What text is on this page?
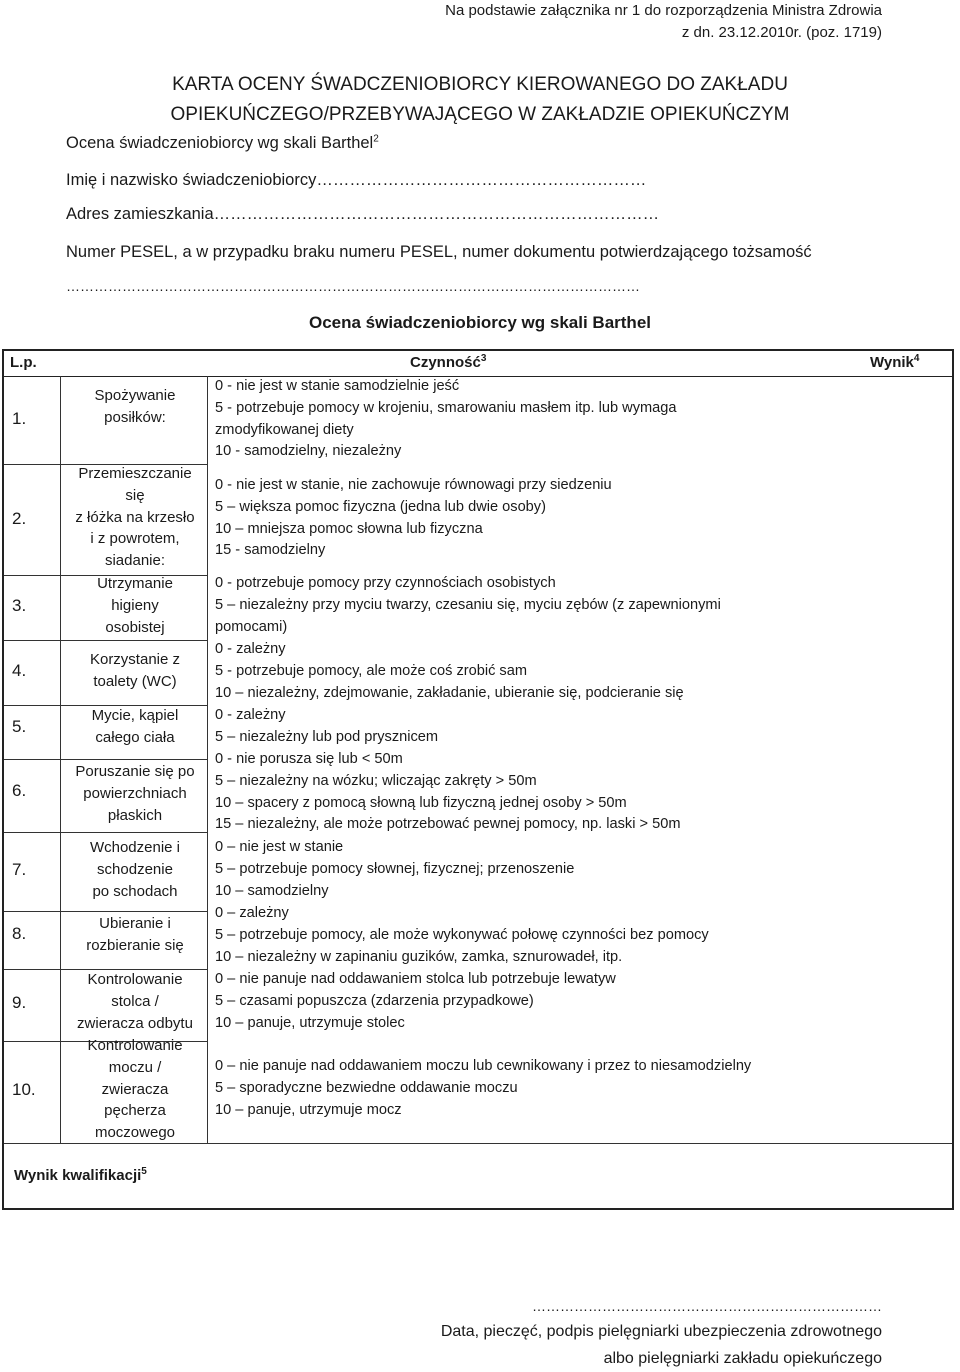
Na podstawie załącznika nr 1 do rozporządzenia Ministra Zdrowia
z dn. 23.12.2010r. (poz. 1719)
KARTA OCENY ŚWADCZENIOBIORCY KIEROWANEGO DO ZAKŁADU
OPIEKUŃCZEGO/PRZEBYWAJĄCEGO W ZAKŁADZIE OPIEKUŃCZYM
Ocena świadczeniobiorcy wg skali Barthel$^2$
Imię i nazwisko świadczeniobiorcy……………………………………………………
Adres zamieszkania………………………………………………………………………
Numer PESEL, a w przypadku braku numeru PESEL, numer dokumentu potwierdzającego tożsamość
……………………………………………………………………………………………………………
Ocena świadczeniobiorcy wg skali Barthel
L.p.	Czynność$^3$	Wynik$^4$
1.
Spożywanie
posiłków:
0 - nie jest w stanie samodzielnie jeść
5 - potrzebuje pomocy w krojeniu, smarowaniu masłem itp. lub wymaga
zmodyfikowanej diety
10 - samodzielny, niezależny
2.
Przemieszczanie
się
z łóżka na krzesło
i z powrotem,
siadanie:
0 - nie jest w stanie, nie zachowuje równowagi przy siedzeniu
5 – większa pomoc fizyczna (jedna lub dwie osoby)
10 – mniejsza pomoc słowna lub fizyczna
15 - samodzielny
3.
Utrzymanie
higieny
osobistej
0 - potrzebuje pomocy przy czynnościach osobistych
5 – niezależny przy myciu twarzy, czesaniu się, myciu zębów (z zapewnionymi
pomocami)
4.
Korzystanie z
toalety (WC)
0 - zależny
5 - potrzebuje pomocy, ale może coś zrobić sam
10 – niezależny, zdejmowanie, zakładanie, ubieranie się, podcieranie się
5.
Mycie, kąpiel
całego ciała
0 - zależny
5 – niezależny lub pod prysznicem
6.
Poruszanie się po
powierzchniach
płaskich
0 - nie porusza się lub < 50m
5 – niezależny na wózku; wliczając zakręty > 50m
10 – spacery z pomocą słowną lub fizyczną jednej osoby > 50m
15 – niezależny, ale może potrzebować pewnej pomocy, np. laski > 50m
7.
Wchodzenie i
schodzenie
po schodach
0 – nie jest w stanie
5 – potrzebuje pomocy słownej, fizycznej; przenoszenie
10 – samodzielny
8.
Ubieranie i
rozbieranie się
0 – zależny
5 – potrzebuje pomocy, ale może wykonywać połowę czynności bez pomocy
10 – niezależny w zapinaniu guzików, zamka, sznurowadeł, itp.
9.
Kontrolowanie
stolca /
zwieracza odbytu
0 – nie panuje nad oddawaniem stolca lub potrzebuje lewatyw
5 – czasami popuszcza (zdarzenia przypadkowe)
10 – panuje, utrzymuje stolec
10.
Kontrolowanie
moczu /
zwieracza
pęcherza
moczowego
0 – nie panuje nad oddawaniem moczu lub cewnikowany i przez to niesamodzielny
5 – sporadyczne bezwiedne oddawanie moczu
10 – panuje, utrzymuje mocz
Wynik kwalifikacji$^5$
…………………………………………………………………
Data, pieczęć, podpis pielęgniarki ubezpieczenia zdrowotnego
albo pielęgniarki zakładu opiekuńczego
